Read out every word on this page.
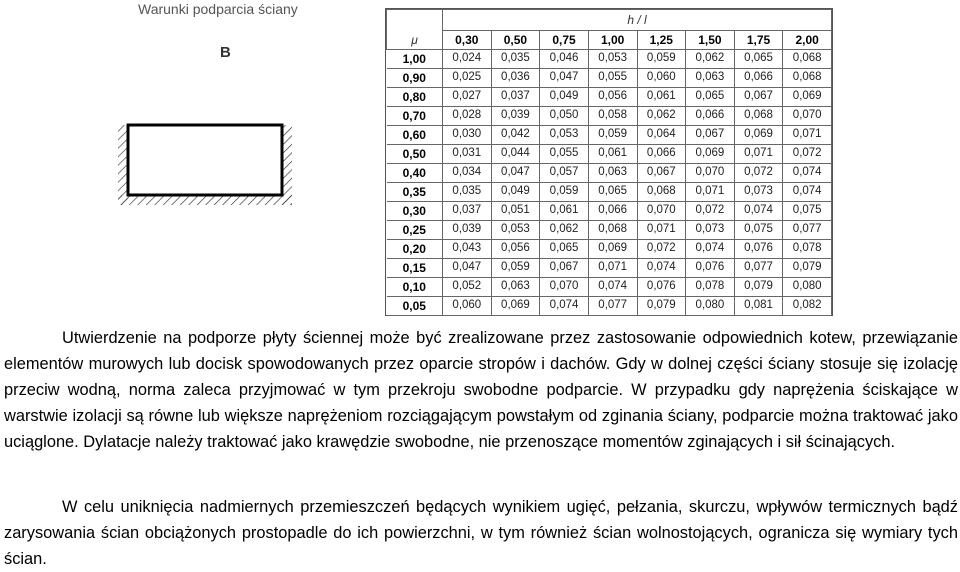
Warunki podparcia ściany
B
	h / l							
μ	0,30	0,50	0,75	1,00	1,25	1,50	1,75	2,00
1,00	0,024	0,035	0,046	0,053	0,059	0,062	0,065	0,068
0,90	0,025	0,036	0,047	0,055	0,060	0,063	0,066	0,068
0,80	0,027	0,037	0,049	0,056	0,061	0,065	0,067	0,069
0,70	0,028	0,039	0,050	0,058	0,062	0,066	0,068	0,070
0,60	0,030	0,042	0,053	0,059	0,064	0,067	0,069	0,071
0,50	0,031	0,044	0,055	0,061	0,066	0,069	0,071	0,072
0,40	0,034	0,047	0,057	0,063	0,067	0,070	0,072	0,074
0,35	0,035	0,049	0,059	0,065	0,068	0,071	0,073	0,074
0,30	0,037	0,051	0,061	0,066	0,070	0,072	0,074	0,075
0,25	0,039	0,053	0,062	0,068	0,071	0,073	0,075	0,077
0,20	0,043	0,056	0,065	0,069	0,072	0,074	0,076	0,078
0,15	0,047	0,059	0,067	0,071	0,074	0,076	0,077	0,079
0,10	0,052	0,063	0,070	0,074	0,076	0,078	0,079	0,080
0,05	0,060	0,069	0,074	0,077	0,079	0,080	0,081	0,082
Utwierdzenie na podporze płyty ściennej może być zrealizowane przez zastosowanie odpowiednich kotew, przewiązanie elementów murowych lub docisk spowodowanych przez oparcie stropów i dachów. Gdy w dolnej części ściany stosuje się izolację przeciw wodną, norma zaleca przyjmować w tym przekroju swobodne podparcie. W przypadku gdy naprężenia ściskające w warstwie izolacji są równe lub większe naprężeniom rozciągającym powstałym od zginania ściany, podparcie można traktować jako uciąglone. Dylatacje należy traktować jako krawędzie swobodne, nie przenoszące momentów zginających i sił ścinających.
W celu uniknięcia nadmiernych przemieszczeń będących wynikiem ugięć, pełzania, skurczu, wpływów termicznych bądź zarysowania ścian obciążonych prostopadle do ich powierzchni, w tym również ścian wolnostojących, ogranicza się wymiary tych ścian.
